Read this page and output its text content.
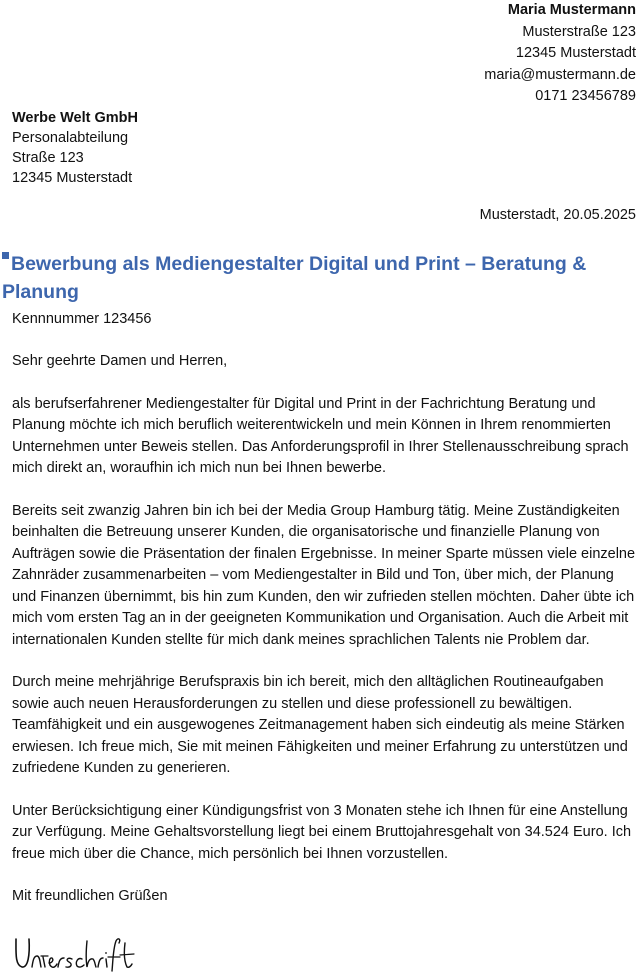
Maria Mustermann
Musterstraße 123
12345 Musterstadt
maria@mustermann.de
0171 23456789
Werbe Welt GmbH
Personalabteilung
Straße 123
12345 Musterstadt
Musterstadt, 20.05.2025
Bewerbung als Mediengestalter Digital und Print – Beratung & Planung
Kennnummer 123456

Sehr geehrte Damen und Herren,

als berufserfahrener Mediengestalter für Digital und Print in der Fachrichtung Beratung und Planung möchte ich mich beruflich weiterentwickeln und mein Können in Ihrem renommierten Unternehmen unter Beweis stellen. Das Anforderungsprofil in Ihrer Stellenausschreibung sprach mich direkt an, woraufhin ich mich nun bei Ihnen bewerbe.

Bereits seit zwanzig Jahren bin ich bei der Media Group Hamburg tätig. Meine Zuständigkeiten beinhalten die Betreuung unserer Kunden, die organisatorische und finanzielle Planung von Aufträgen sowie die Präsentation der finalen Ergebnisse. In meiner Sparte müssen viele einzelne Zahnräder zusammenarbeiten – vom Mediengestalter in Bild und Ton, über mich, der Planung und Finanzen übernimmt, bis hin zum Kunden, den wir zufrieden stellen möchten. Daher übte ich mich vom ersten Tag an in der geeigneten Kommunikation und Organisation. Auch die Arbeit mit internationalen Kunden stellte für mich dank meines sprachlichen Talents nie Problem dar.

Durch meine mehrjährige Berufspraxis bin ich bereit, mich den alltäglichen Routineaufgaben sowie auch neuen Herausforderungen zu stellen und diese professionell zu bewältigen. Teamfähigkeit und ein ausgewogenes Zeitmanagement haben sich eindeutig als meine Stärken erwiesen. Ich freue mich, Sie mit meinen Fähigkeiten und meiner Erfahrung zu unterstützen und zufriedene Kunden zu generieren.

Unter Berücksichtigung einer Kündigungsfrist von 3 Monaten stehe ich Ihnen für eine Anstellung zur Verfügung. Meine Gehaltsvorstellung liegt bei einem Bruttojahresgehalt von 34.524 Euro. Ich freue mich über die Chance, mich persönlich bei Ihnen vorzustellen.

Mit freundlichen Grüßen
